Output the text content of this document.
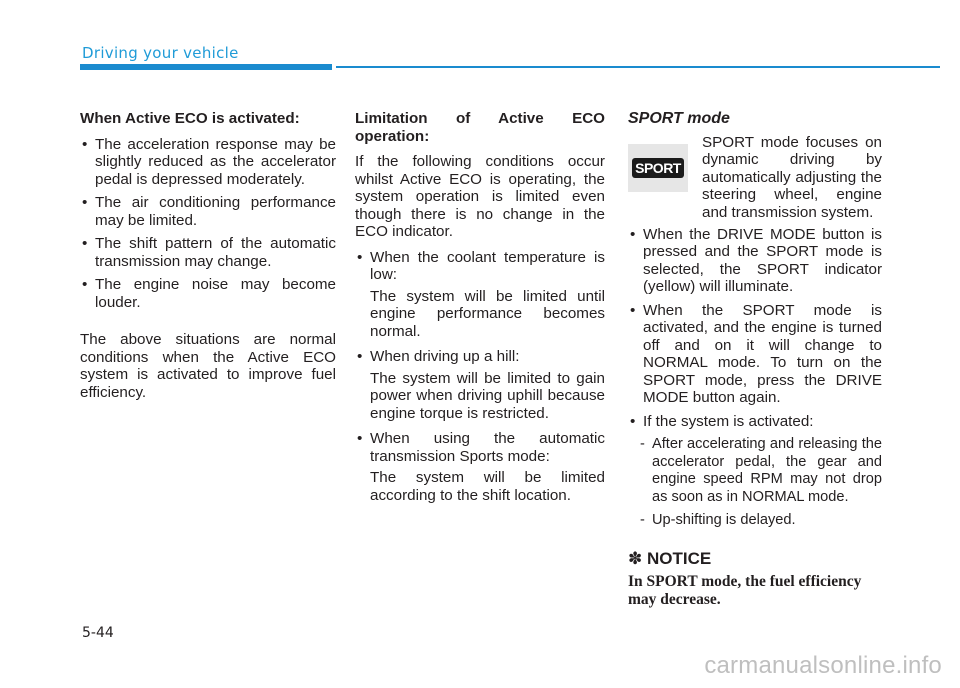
Driving your vehicle

When Active ECO is activated:

• The acceleration response may be slightly reduced as the accelerator pedal is depressed moderately.
• The air conditioning performance may be limited.
• The shift pattern of the automatic transmission may change.
• The engine noise may become louder.

The above situations are normal conditions when the Active ECO system is activated to improve fuel efficiency.

Limitation of Active ECO operation:

If the following conditions occur whilst Active ECO is operating, the system operation is limited even though there is no change in the ECO indicator.

• When the coolant temperature is low:
The system will be limited until engine performance becomes normal.
• When driving up a hill:
The system will be limited to gain power when driving uphill because engine torque is restricted.
• When using the automatic transmission Sports mode:
The system will be limited according to the shift location.
SPORT mode
SPORT
SPORT mode focuses on dynamic driving by automatically adjusting the steering wheel, engine and transmission system.
• When the DRIVE MODE button is pressed and the SPORT mode is selected, the SPORT indicator (yellow) will illuminate.
• When the SPORT mode is activated, and the engine is turned off and on it will change to NORMAL mode. To turn on the SPORT mode, press the DRIVE MODE button again.
• If the system is activated:
- After accelerating and releasing the accelerator pedal, the gear and engine speed RPM may not drop as soon as in NORMAL mode.
- Up-shifting is delayed.
✽ NOTICE
In SPORT mode, the fuel efficiency may decrease.
5-44
carmanualsonline.info
